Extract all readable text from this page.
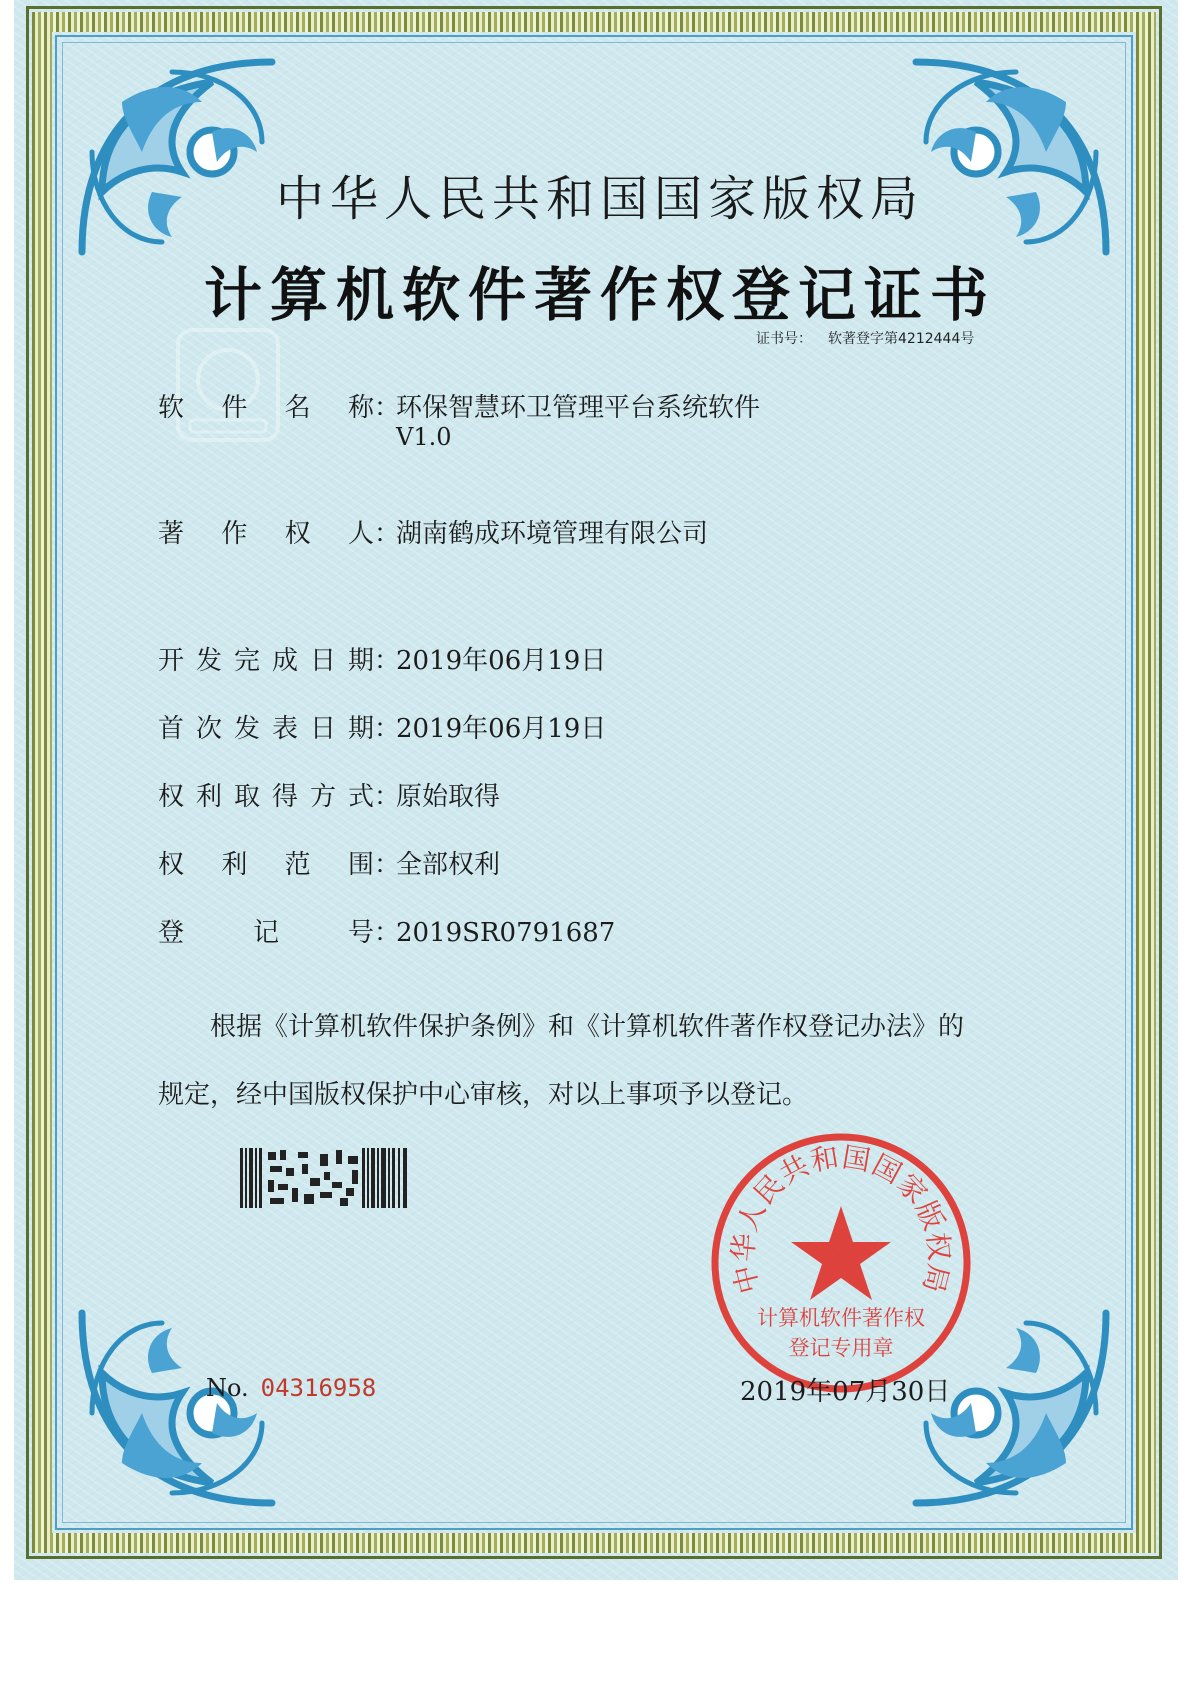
中华人民共和国国家版权局
计算机软件著作权登记证书
证书号： 软著登字第4212444号
软件名称：环保智慧环卫管理平台系统软件
V1.0
著作权人：湖南鹤成环境管理有限公司
开发完成日期：2019年06月19日
首次发表日期：2019年06月19日
权利取得方式：原始取得
权利范围：全部权利
登记号：2019SR0791687
根据《计算机软件保护条例》和《计算机软件著作权登记办法》的
规定，经中国版权保护中心审核，对以上事项予以登记。
中华人民共和国国家版权局
计算机软件著作权
登记专用章
No. 04316958	2019年07月30日
